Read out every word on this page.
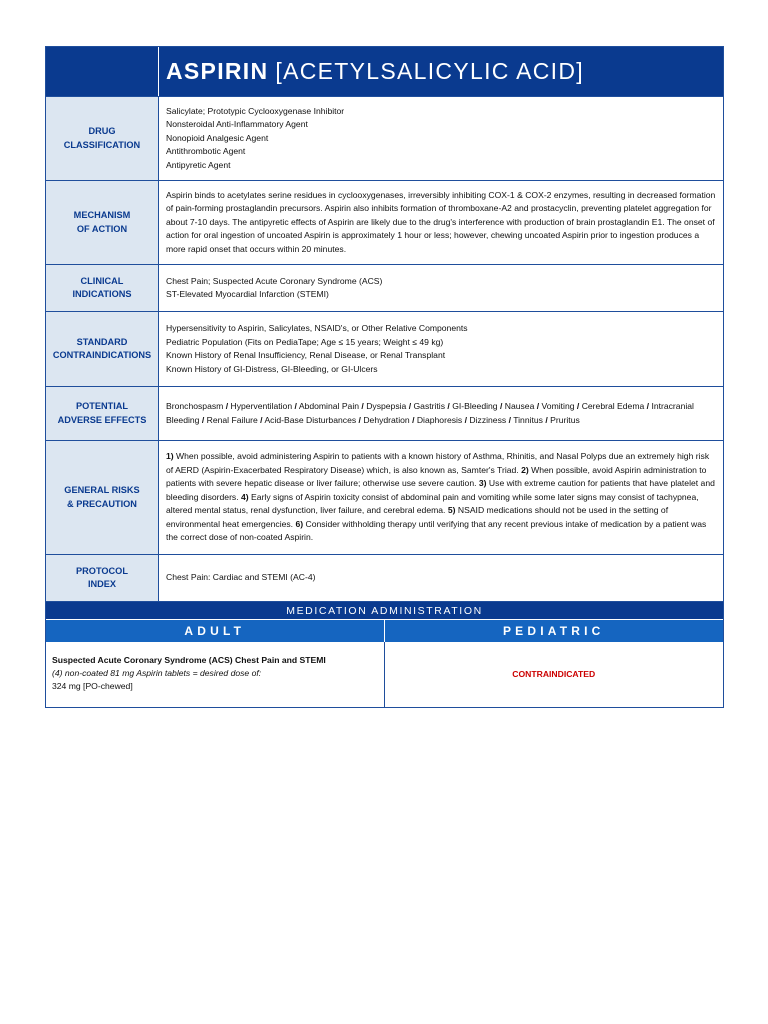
ASPIRIN [ACETYLSALICYLIC ACID]
DRUG
CLASSIFICATION

Salicylate; Prototypic Cyclooxygenase Inhibitor

Nonsteroidal Anti-Inflammatory Agent

Nonopioid Analgesic Agent

Antithrombotic Agent

Antipyretic Agent

MECHANISM
OF ACTION

Aspirin binds to acetylates serine residues in cyclooxygenases, irreversibly inhibiting COX-1 & COX-2 enzymes, resulting in decreased formation of pain-forming prostaglandin precursors. Aspirin also inhibits formation of thromboxane-A2 and prostacyclin, preventing platelet aggregation for about 7-10 days. The antipyretic effects of Aspirin are likely due to the drug's interference with production of brain prostaglandin E1. The onset of action for oral ingestion of uncoated Aspirin is approximately 1 hour or less; however, chewing uncoated Aspirin prior to ingestion produces a more rapid onset that occurs within 20 minutes.

CLINICAL
INDICATIONS

Chest Pain; Suspected Acute Coronary Syndrome (ACS)

ST-Elevated Myocardial Infarction (STEMI)

STANDARD
CONTRAINDICATIONS

Hypersensitivity to Aspirin, Salicylates, NSAID's, or Other Relative Components

Pediatric Population (Fits on PediaTape; Age ≤ 15 years; Weight ≤ 49 kg)

Known History of Renal Insufficiency, Renal Disease, or Renal Transplant

Known History of GI-Distress, GI-Bleeding, or GI-Ulcers

POTENTIAL
ADVERSE EFFECTS

Bronchospasm / Hyperventilation / Abdominal Pain / Dyspepsia / Gastritis / GI-Bleeding / Nausea / Vomiting / Cerebral Edema / Intracranial Bleeding / Renal Failure / Acid-Base Disturbances / Dehydration / Diaphoresis / Dizziness / Tinnitus / Pruritus

GENERAL RISKS
& PRECAUTION

1) When possible, avoid administering Aspirin to patients with a known history of Asthma, Rhinitis, and Nasal Polyps due an extremely high risk of AERD (Aspirin-Exacerbated Respiratory Disease) which, is also known as, Samter's Triad. 2) When possible, avoid Aspirin administration to patients with severe hepatic disease or liver failure; otherwise use severe caution. 3) Use with extreme caution for patients that have platelet and bleeding disorders. 4) Early signs of Aspirin toxicity consist of abdominal pain and vomiting while some later signs may consist of tachypnea, altered mental status, renal dysfunction, liver failure, and cerebral edema. 5) NSAID medications should not be used in the setting of environmental heat emergencies. 6) Consider withholding therapy until verifying that any recent previous intake of medication by a patient was the correct dose of non-coated Aspirin.

PROTOCOL
INDEX

Chest Pain: Cardiac and STEMI (AC-4)

MEDICATION ADMINISTRATION
ADULT	PEDIATRIC

Suspected Acute Coronary Syndrome (ACS) Chest Pain and STEMI

(4) non-coated 81 mg Aspirin tablets = desired dose of:

324 mg [PO-chewed]

CONTRAINDICATED
